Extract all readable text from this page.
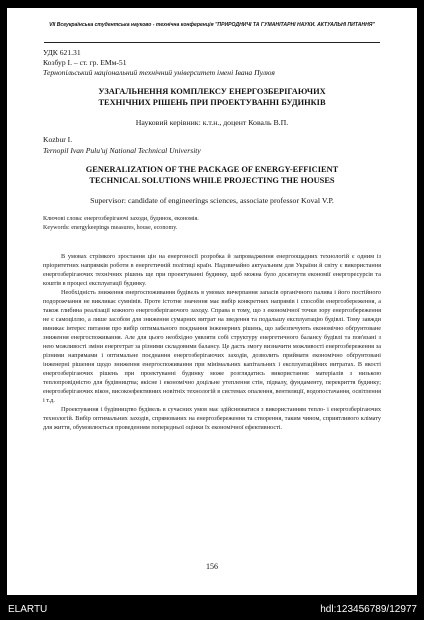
VII Всеукраїнська студентська науково - технічна конференція "ПРИРОДНИЧІ ТА ГУМАНІТАРНІ НАУКИ. АКТУАЛЬНІ ПИТАННЯ"
УДК 621.31
Козбур І. – ст. гр. ЕМм-51
Тернопільський національний технічний університет імені Івана Пулюя
УЗАГАЛЬНЕННЯ КОМПЛЕКСУ ЕНЕРГОЗБЕРІГАЮЧИХ
ТЕХНІЧНИХ РІШЕНЬ ПРИ ПРОЕКТУВАННІ БУДИНКІВ
Науковий керівник: к.т.н., доцент Коваль В.П.
Kozbur I.
Ternopil Ivan Pulu'uj National Technical University
GENERALIZATION OF THE PACKAGE OF ENERGY-EFFICIENT
TECHNICAL SOLUTIONS WHILE PROJECTING THE HOUSES
Supervisor: candidate of engineerings sciences, associate professor Koval V.P.
Ключові слова: енергозберігаючі заходи, будинок, економія.
Keywordѕ: energykeepings measures, house, economy.

В умовах стрімкого зростання цін на енергоносії розробка й запровадження енергоощадних технологій є одним із пріоритетних напрямків роботи в енергетичній політиці країн. Надзвичайно актуальним для України й світу є використання енергозберігаючих технічних рішень ще при проектуванні будинку, щоб можна було досягнути економії енергоресурсів та коштів в процесі експлуатації будинку.

Необхідність зниження енергоспоживання будівель в умовах вичерпання запасів органічного палива і його постійного подорожчання не викликає сумнівів. Проте істотне значення має вибір конкретних напрямів і способів енергозбереження, а також глибина реалізації кожного енергозберігаючого заходу. Справа в тому, що з економічної точки зору енергозбереження не є самоціллю, а лише засобом для зниження сумарних витрат на зведення та подальшу експлуатацію будівлі. Тому завжди виникає інтерес питання про вибір оптимального поєднання інженерних рішень, що забезпечують економічно обґрунтоване зниження енергоспоживання. Але для цього необхідно уявляти собі структуру енергетичного балансу будівлі та пов'язані з нею можливості зміни енергетрат за різними складовими балансу. Це дасть змогу визначити можливості енергозбереження за різними напрямами і оптимальне поєднання енергозберігаючих заходів, дозволить приймати економічно обґрунтовані інженерні рішення щодо зниження енергоспоживання при мінімальних капітальних і експлуатаційних витратах. В якості енергозберігаючих рішень при проектуванні будинку може розглядатись використання: матеріалів з низькою теплопровідністю для будівництва; якісне і економічно доцільне утеплення стін, підвалу, фундаменту, перекриття будинку; енергозберігаючих вікон, високоефективних новітніх технологій в системах опалення, вентиляції, водопостачання, освітлення і т.д.

Проектування і будівництво будівель в сучасних умов має здійснюватися з використанням тепло- і енергозберігаючих технологій. Вибір оптимальних заходів, спрямованих на енергозбереження та створення, таким чином, сприятливого клімату для життя, обумовлюється проведенням попередньої оцінки їх економічної ефективності.

156
ELARTU	hdl:123456789/12977
